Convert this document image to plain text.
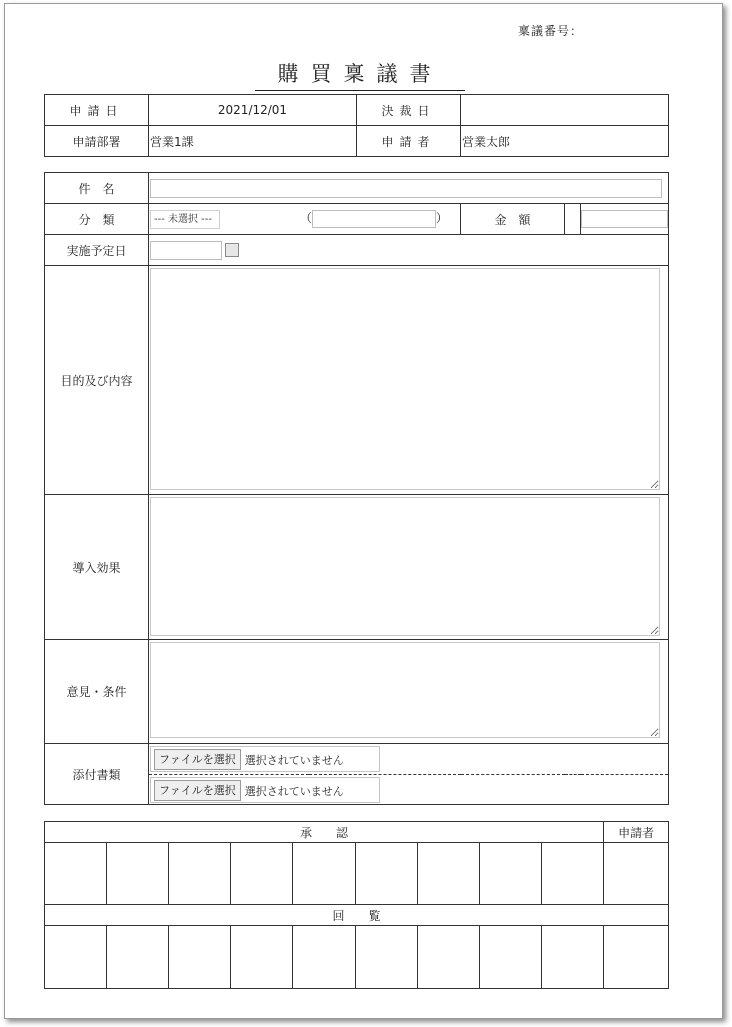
稟議番号：
購買稟議書
申請日	2021/12/01	決裁日	
申請部署	営業1課	申請者	営業太郎
件　名	
分　類	--- 未選択 --- （ ）	金　額		
実施予定日	
目的及び内容	

導入効果	

意見・条件	

添付書類	ファイルを選択 選択されていません			
	ファイルを選択 選択されていません			
承　　認									申請者

回　　覧									
